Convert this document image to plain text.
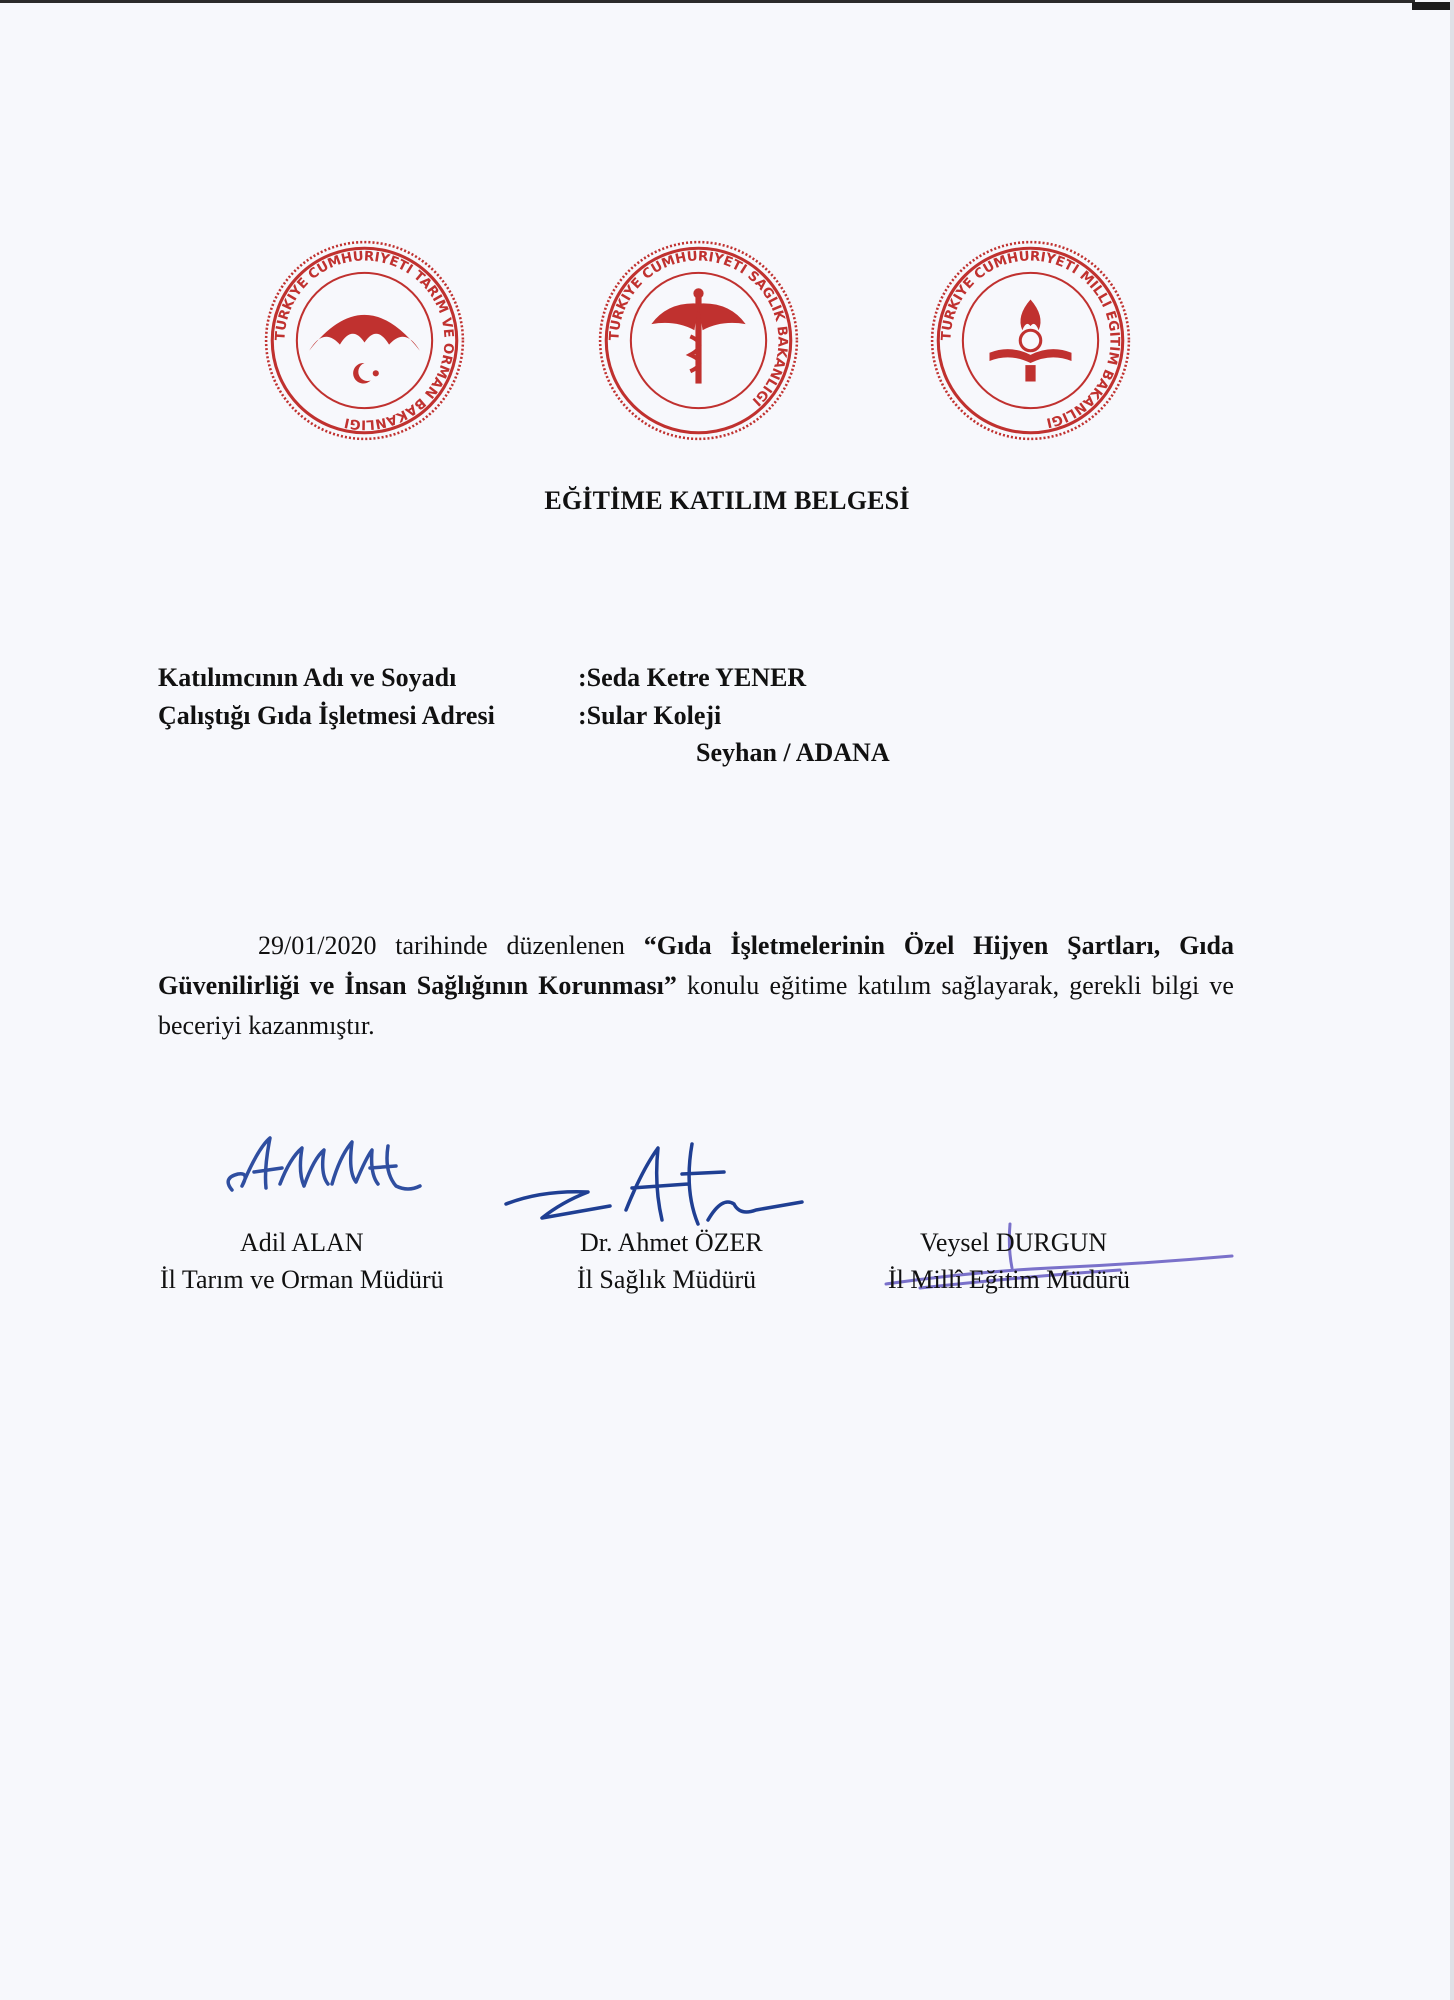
TÜRKİYE CUMHURİYETİ TARIM VE ORMAN BAKANLIĞI
TÜRKİYE CUMHURİYETİ SAĞLIK BAKANLIĞI
TÜRKİYE CUMHURİYETİ MİLLİ EĞİTİM BAKANLIĞI
EĞİTİME KATILIM BELGESİ
Katılımcının Adı ve Soyadı	:Seda Ketre YENER
Çalıştığı Gıda İşletmesi Adresi	:Sular Koleji
Seyhan / ADANA

29/01/2020 tarihinde düzenlenen “Gıda İşletmelerinin Özel Hijyen Şartları, Gıda Güvenilirliği ve İnsan Sağlığının Korunması” konulu eğitime katılım sağlayarak, gerekli bilgi ve beceriyi kazanmıştır.

Adil ALAN
İl Tarım ve Orman Müdürü
Dr. Ahmet ÖZER
İl Sağlık Müdürü
Veysel DURGUN
İl Millî Eğitim Müdürü
